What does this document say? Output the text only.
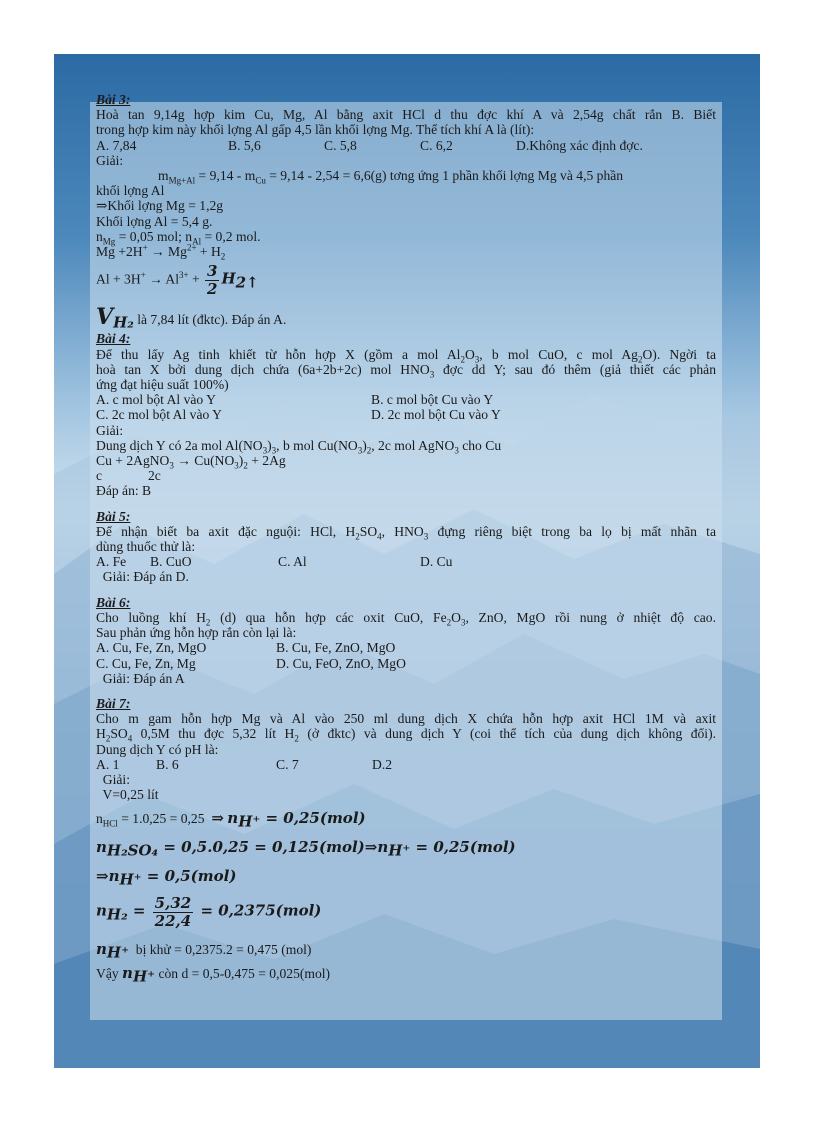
Bài 3:

Hoà tan 9,14g hợp kim Cu, Mg, Al bằng axit HCl d thu đợc khí A và 2,54g chất rắn B. Biết

trong hợp kim này khối lợng Al gấp 4,5 lần khối lợng Mg. Thể tích khí A là (lít):

A. 7,84	B. 5,6	C. 5,8	C. 6,2	D.Không xác định đợc.

Giải:

$m_{Mg+Al} = 9,14 - m_{Cu} = 9,14 - 2,54 = 6,6(g)$ tơng ứng 1 phần khối lợng Mg và 4,5 phần

khối lợng Al

⇒Khối lợng Mg = 1,2g

Khối lợng Al = 5,4 g.

$n_{Mg} = 0,05$ mol; $n_{Al} = 0,2$ mol.

$Mg +2H^+ \to Mg^{2+} + H_2$

$Al + 3H^+ \to Al^{3+} + \frac{3}{2} H_{2↑}$

$V_{H_2}$ là 7,84 lít (đktc). Đáp án A.

Bài 4:

Để thu lấy Ag tinh khiết từ hỗn hợp X (gồm a mol $Al_2O_3$, b mol CuO, c mol $Ag_2O$). Ngời ta

hoà tan X bởi dung dịch chứa (6a+2b+2c) mol $HNO_3$ đợc dd Y; sau đó thêm (giả thiết các phản

ứng đạt hiệu suất 100%)

A. c mol bột Al vào Y	B. c mol bột Cu vào Y
C. 2c mol bột Al vào Y	D. 2c mol bột Cu vào Y

Giải:

Dung dịch Y có 2a mol $Al(NO_3)_3$, b mol $Cu(NO_3)_2$, 2c mol AgNO$_3$ cho Cu

Cu + 2AgNO$_3$ → $Cu(NO_3)_2 + 2Ag$

c	2c

Đáp án: B

Bài 5:

Để nhận biết ba axit đặc nguội: HCl, $H_2SO_4$, $HNO_3$ đựng riêng biệt trong ba lọ bị mất nhãn ta

dùng thuốc thử là:

A. Fe	B. CuO	C. Al	D. Cu

Giải: Đáp án D.

Bài 6:

Cho luồng khí $H_2$ (d) qua hỗn hợp các oxit CuO, $Fe_2O_3$, ZnO, MgO rồi nung ở nhiệt độ cao.

Sau phản ứng hỗn hợp rắn còn lại là:

A. Cu, Fe, Zn, MgO	B. Cu, Fe, ZnO, MgO
C. Cu, Fe, Zn, Mg	D. Cu, FeO, ZnO, MgO

Giải: Đáp án A

Bài 7:

Cho m gam hỗn hợp Mg và Al vào 250 ml dung dịch X chứa hỗn hợp axit HCl 1M và axit

$H_2SO_4$ 0,5M thu đợc 5,32 lít $H_2$ (ở đktc) và dung dịch Y (coi thể tích của dung dịch không đổi).

Dung dịch Y có pH là:

A. 1	B. 6	C. 7	D.2

Giải:

V=0,25 lít

$n_{HCl} = 1.0,25 = 0,25$  ⇒ $n_{H^+} = 0,25(mol)$

$n_{H_2SO_4} = 0,5.0,25$ = $0,125(mol)\Rightarrow n_{H^+} = 0,25(mol)$

$\Rightarrow n_{H^+} = 0,5(mol)$

$n_{H_2} = \frac{5,32}{22,4} = 0,2375(mol)$

$n_{H^+}$  bị khử = 0,2375.2 = 0,475 (mol)

Vậy $n_{H^+}$ còn d = 0,5-0,475 = 0,025(mol)
